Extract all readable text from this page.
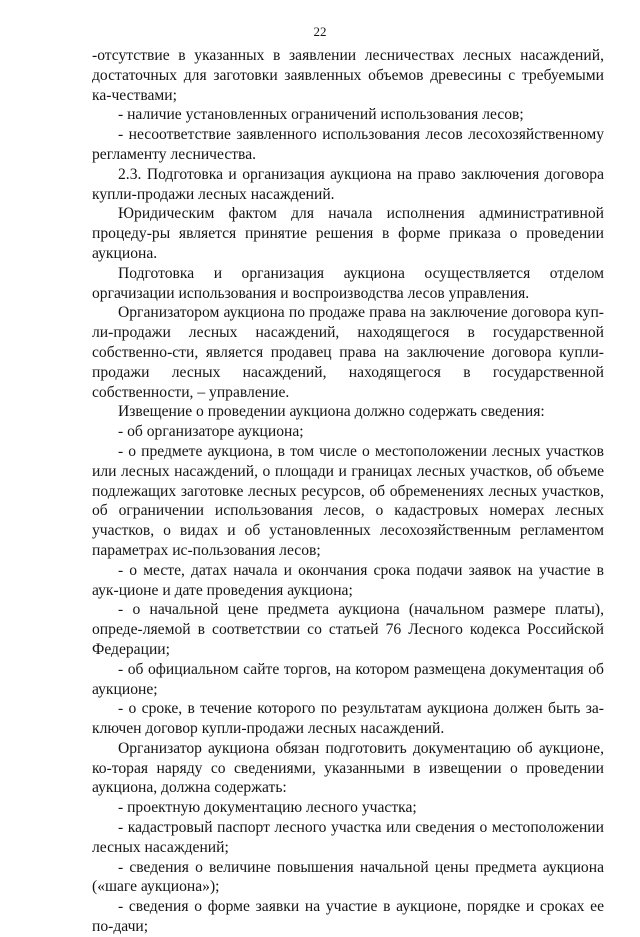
22

-отсутствие в указанных в заявлении лесничествах лесных насаждений, достаточных для заготовки заявленных объемов древесины с требуемыми ка-чествами;

- наличие установленных ограничений использования лесов;

- несоответствие заявленного использования лесов лесохозяйственному регламенту лесничества.

2.3. Подготовка и организация аукциона на право заключения договора купли-продажи лесных насаждений.

Юридическим фактом для начала исполнения административной процеду-ры является принятие решения в форме приказа о проведении аукциона.

Подготовка и организация аукциона осуществляется отделом оргачизации использования и воспроизводства лесов управления.

Организатором аукциона по продаже права на заключение договора куп-ли-продажи лесных насаждений, находящегося в государственной собственно-сти, является продавец права на заключение договора купли-продажи лесных насаждений, находящегося в государственной собственности, – управление.

Извещение о проведении аукциона должно содержать сведения:

- об организаторе аукциона;

- о предмете аукциона, в том числе о местоположении лесных участков или лесных насаждений, о площади и границах лесных участков, об объеме подлежащих заготовке лесных ресурсов, об обременениях лесных участков, об ограничении использования лесов, о кадастровых номерах лесных участков, о видах и об установленных лесохозяйственным регламентом параметрах ис-пользования лесов;

- о месте, датах начала и окончания срока подачи заявок на участие в аук-ционе и дате проведения аукциона;

- о начальной цене предмета аукциона (начальном размере платы), опреде-ляемой в соответствии со статьей 76 Лесного кодекса Российской Федерации;

- об официальном сайте торгов, на котором размещена документация об аукционе;

- о сроке, в течение которого по результатам аукциона должен быть за-ключен договор купли-продажи лесных насаждений.

Организатор аукциона обязан подготовить документацию об аукционе, ко-торая наряду со сведениями, указанными в извещении о проведении аукциона, должна содержать:

- проектную документацию лесного участка;

- кадастровый паспорт лесного участка или сведения о местоположении лесных насаждений;

- сведения о величине повышения начальной цены предмета аукциона («шаге аукциона»);

- сведения о форме заявки на участие в аукционе, порядке и сроках ее по-дачи;
